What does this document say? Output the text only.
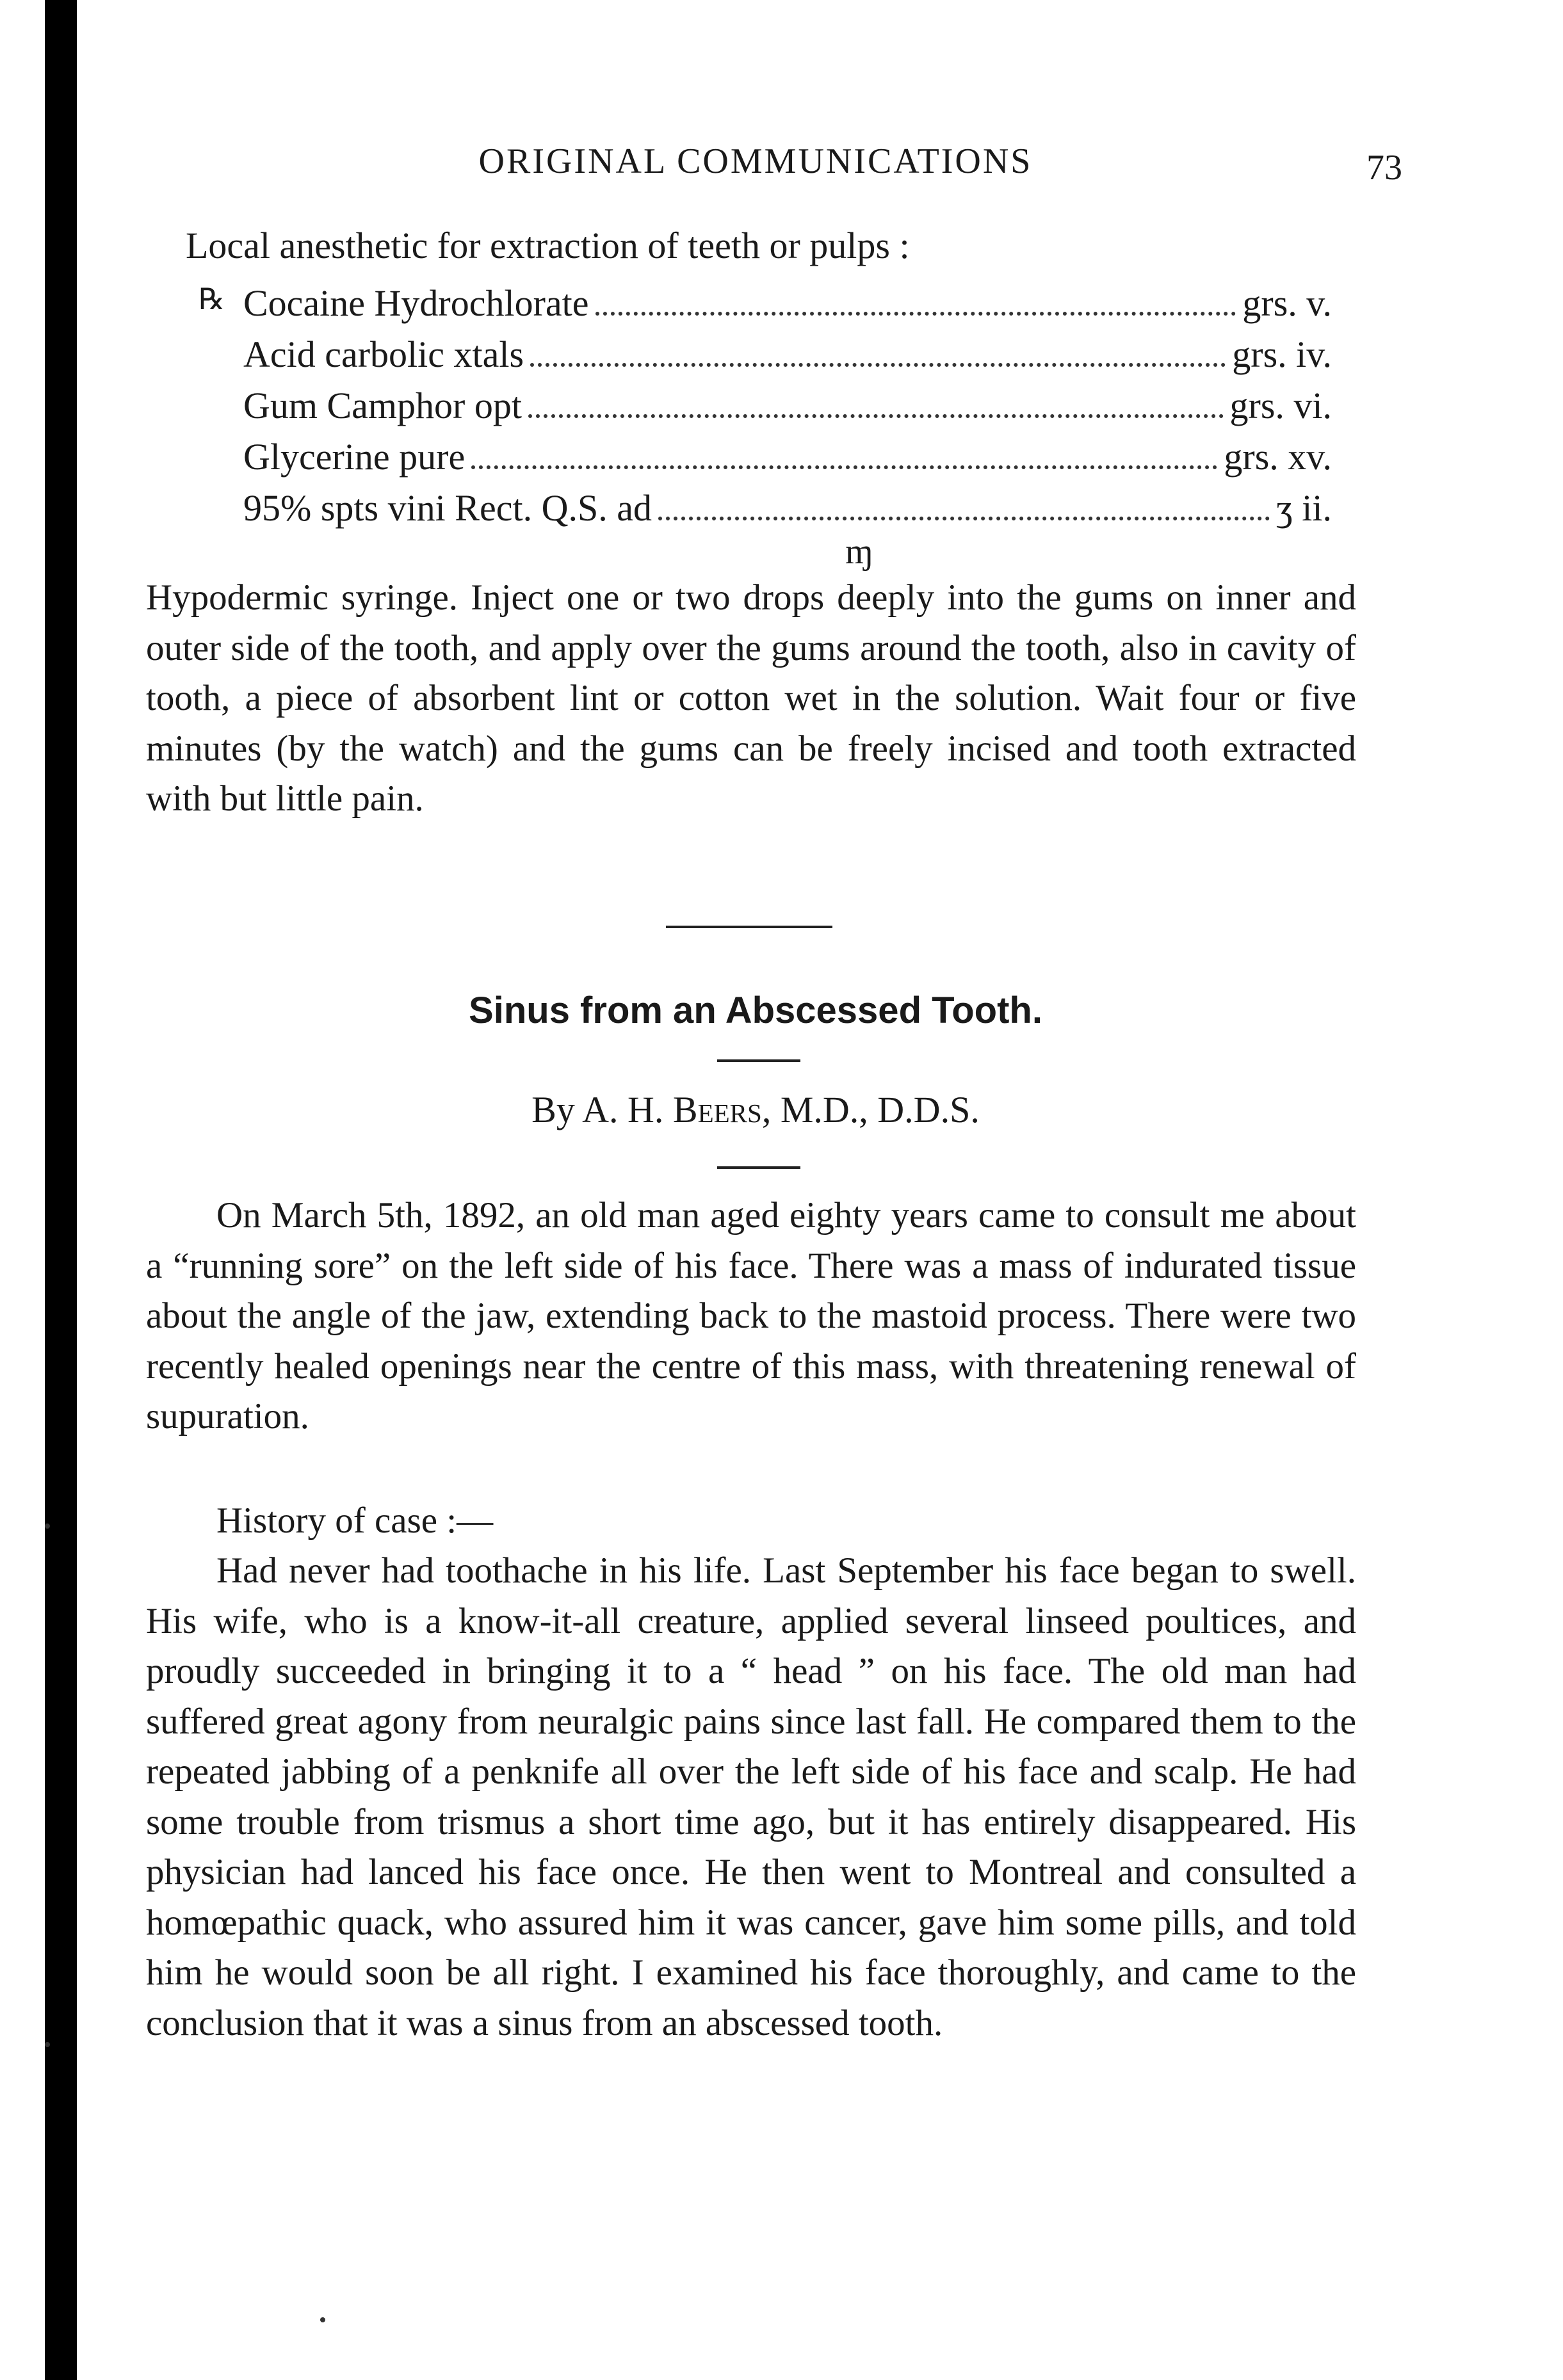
ORIGINAL COMMUNICATIONS	73
Local anesthetic for extraction of teeth or pulps :
℞ Cocaine Hydrochlorate	grs. v.
Acid carbolic xtals	grs. iv.
Gum Camphor opt	grs. vi.
Glycerine pure	grs. xv.
95% spts vini Rect. Q.S. ad	ʒ ii.
ɱ

Hypodermic syringe. Inject one or two drops deeply into the gums on inner and outer side of the tooth, and apply over the gums around the tooth, also in cavity of tooth, a piece of absorbent lint or cotton wet in the solution. Wait four or five minutes (by the watch) and the gums can be freely incised and tooth extracted with but little pain.

Sinus from an Abscessed Tooth.
By A. H. Beers, M.D., D.D.S.

On March 5th, 1892, an old man aged eighty years came to consult me about a “running sore” on the left side of his face. There was a mass of indurated tissue about the angle of the jaw, extending back to the mastoid process. There were two recently healed openings near the centre of this mass, with threatening renewal of supuration.

History of case :—

Had never had toothache in his life. Last September his face began to swell. His wife, who is a know-it-all creature, applied several linseed poultices, and proudly succeeded in bringing it to a “ head ” on his face. The old man had suffered great agony from neuralgic pains since last fall. He compared them to the repeated jabbing of a penknife all over the left side of his face and scalp. He had some trouble from trismus a short time ago, but it has entirely disappeared. His physician had lanced his face once. He then went to Montreal and consulted a homœpathic quack, who assured him it was cancer, gave him some pills, and told him he would soon be all right. I examined his face thoroughly, and came to the conclusion that it was a sinus from an abscessed tooth.
